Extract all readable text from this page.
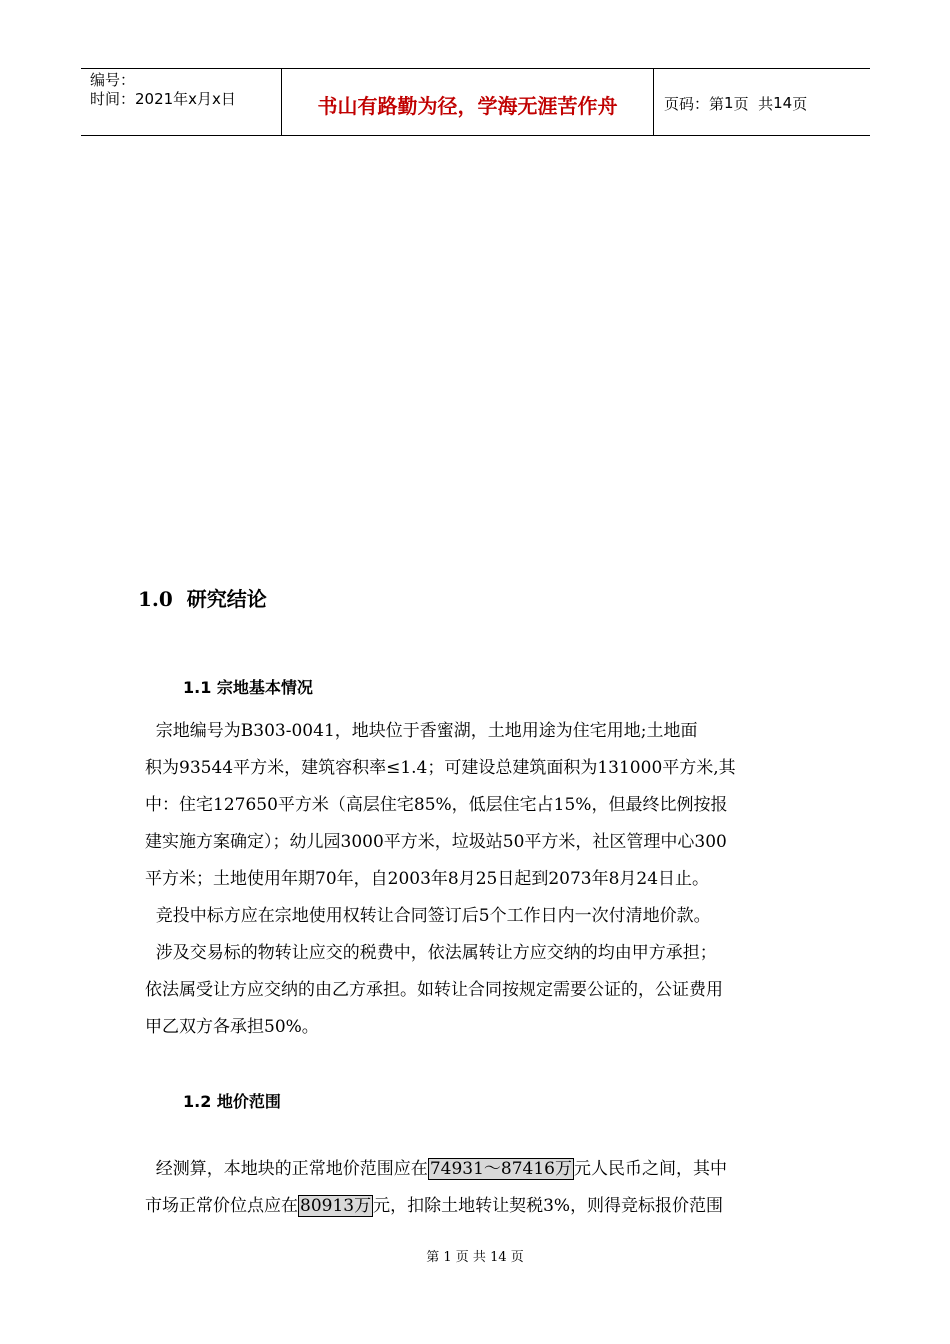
编号：
时间：2021年x月x日	书山有路勤为径，学海无涯苦作舟	页码：第 1 页  共 14 页
1.0  研究结论
1.1 宗地基本情况
宗地编号为B303-0041，地块位于香蜜湖，土地用途为住宅用地;土地面
积为93544平方米，建筑容积率≤1.4；可建设总建筑面积为131000平方米,其
中：住宅127650平方米（高层住宅85%，低层住宅占15%，但最终比例按报
建实施方案确定）；幼儿园3000平方米，垃圾站50平方米，社区管理中心300
平方米；土地使用年期70年，自2003年8月25日起到2073年8月24日止。
竞投中标方应在宗地使用权转让合同签订后5个工作日内一次付清地价款。
涉及交易标的物转让应交的税费中，依法属转让方应交纳的均由甲方承担；
依法属受让方应交纳的由乙方承担。如转让合同按规定需要公证的，公证费用
甲乙双方各承担50%。
1.2 地价范围
经测算，本地块的正常地价范围应在 74931～87416万 元人民币之间，其中
市场正常价位点应在 80913万 元，扣除土地转让契税3%，则得竞标报价范围
第 1 页 共 14 页
